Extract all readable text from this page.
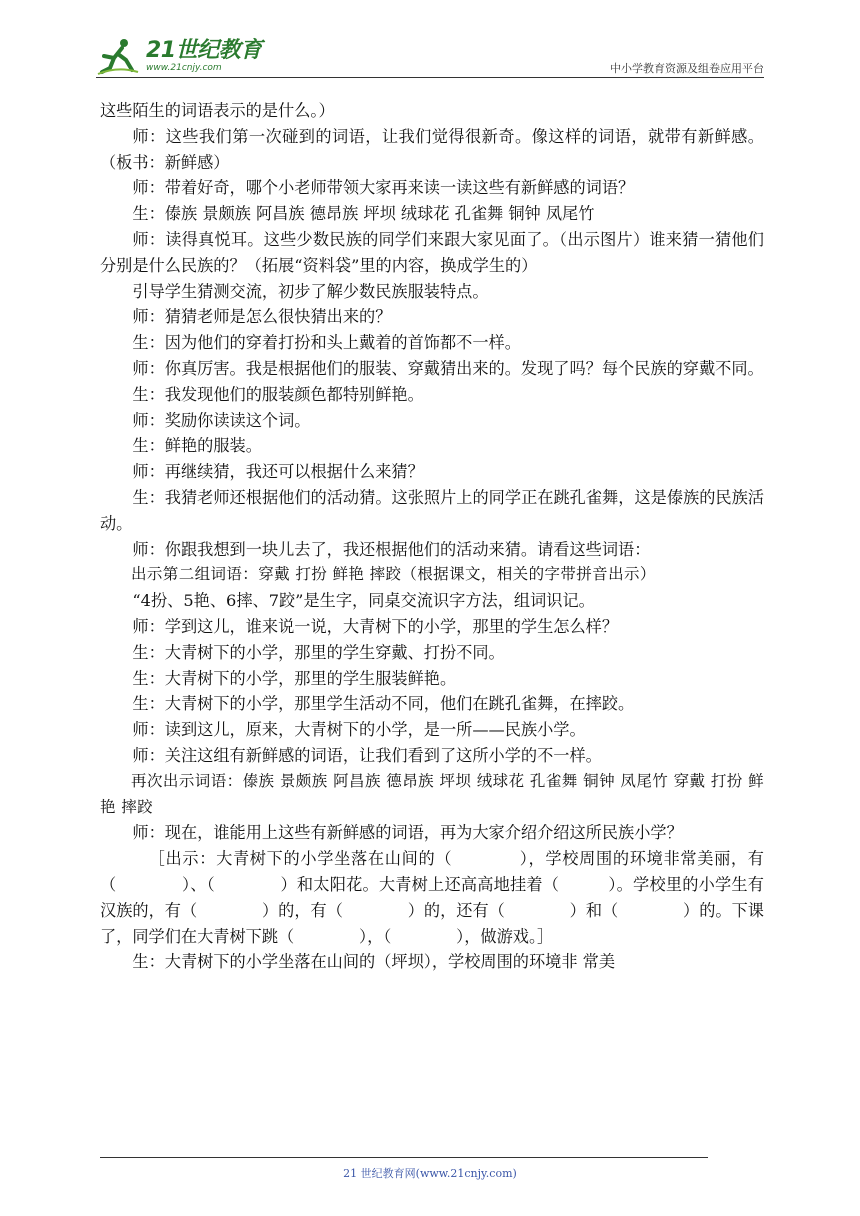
21世纪教育
www.21cnjy.com	中小学教育资源及组卷应用平台

这些陌生的词语表示的是什么。）

师：这些我们第一次碰到的词语，让我们觉得很新奇。像这样的词语，就带有新鲜感。（板书：新鲜感）

师：带着好奇，哪个小老师带领大家再来读一读这些有新鲜感的词语？

生：傣族 景颇族 阿昌族 德昂族 坪坝 绒球花 孔雀舞 铜钟 凤尾竹

师：读得真悦耳。这些少数民族的同学们来跟大家见面了。（出示图片）谁来猜一猜他们分别是什么民族的？（拓展“资料袋”里的内容，换成学生的）

引导学生猜测交流，初步了解少数民族服装特点。

师：猜猜老师是怎么很快猜出来的？

生：因为他们的穿着打扮和头上戴着的首饰都不一样。

师：你真厉害。我是根据他们的服装、穿戴猜出来的。发现了吗？每个民族的穿戴不同。

生：我发现他们的服装颜色都特别鲜艳。

师：奖励你读读这个词。

生：鲜艳的服装。

师：再继续猜，我还可以根据什么来猜？

生：我猜老师还根据他们的活动猜。这张照片上的同学正在跳孔雀舞，这是傣族的民族活动。

师：你跟我想到一块儿去了，我还根据他们的活动来猜。请看这些词语：

出示第二组词语：穿戴 打扮 鲜艳 摔跤（根据课文，相关的字带拼音出示）

“4扮、5艳、6摔、7跤”是生字，同桌交流识字方法，组词识记。

师：学到这儿，谁来说一说，大青树下的小学，那里的学生怎么样？

生：大青树下的小学，那里的学生穿戴、打扮不同。

生：大青树下的小学，那里的学生服装鲜艳。

生：大青树下的小学，那里学生活动不同，他们在跳孔雀舞，在摔跤。

师：读到这儿，原来，大青树下的小学，是一所——民族小学。

师：关注这组有新鲜感的词语，让我们看到了这所小学的不一样。

再次出示词语：傣族 景颇族 阿昌族 德昂族 坪坝 绒球花 孔雀舞 铜钟 凤尾竹 穿戴 打扮 鲜艳 摔跤

师：现在，谁能用上这些有新鲜感的词语，再为大家介绍介绍这所民族小学？

［出示：大青树下的小学坐落在山间的（　　　　），学校周围的环境非常美丽，有（　　　　）、（　　　　）和太阳花。大青树上还高高地挂着（　　　）。学校里的小学生有汉族的，有（　　　　）的，有（　　　　）的，还有（　　　　）和（　　　　）的。下课了，同学们在大青树下跳（　　　　），（　　　　），做游戏。］

生：大青树下的小学坐落在山间的（坪坝），学校周围的环境非 常美

21 世纪教育网(www.21cnjy.com)
